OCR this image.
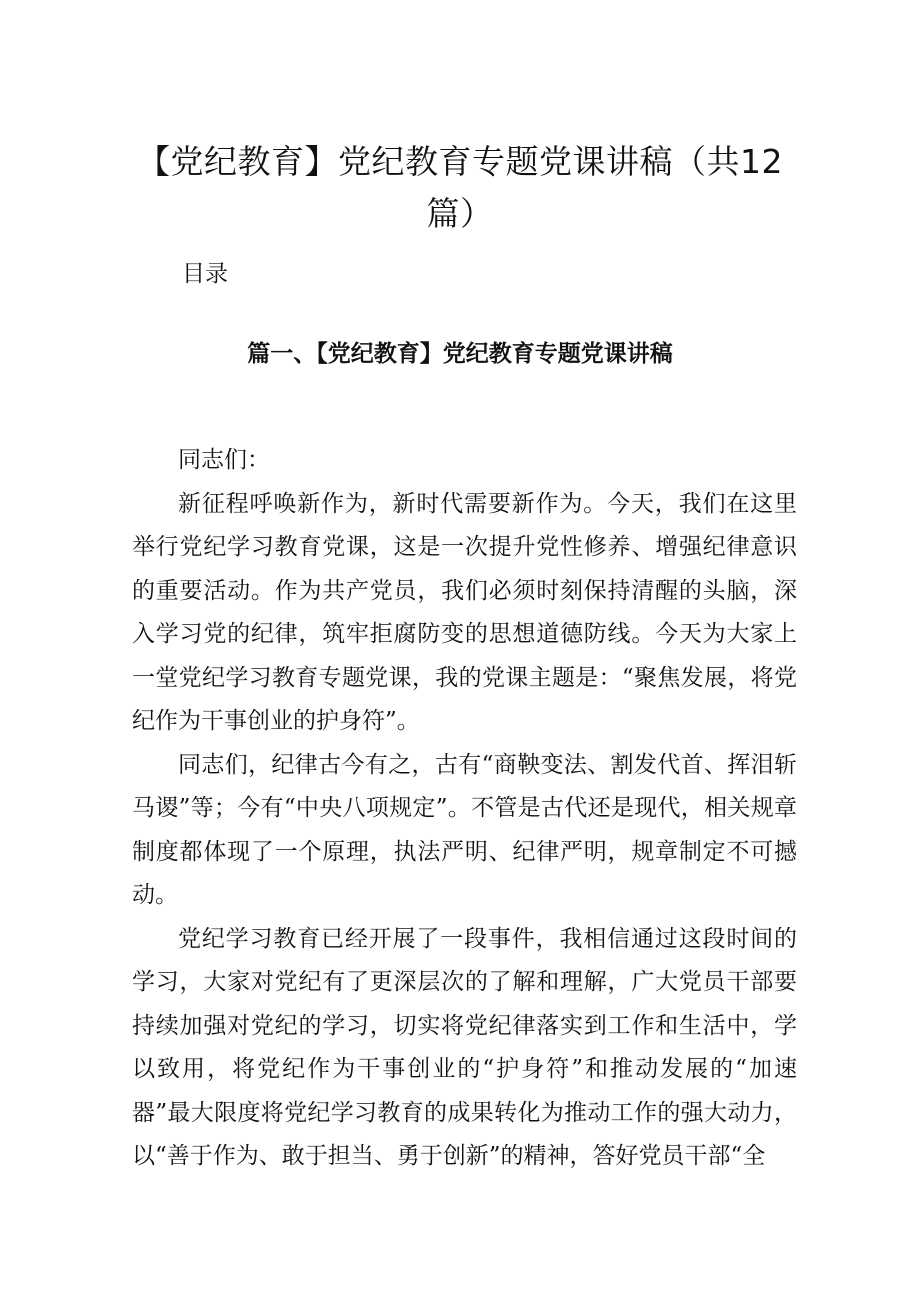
【党纪教育】党纪教育专题党课讲稿（共12篇）
目录
篇一、【党纪教育】党纪教育专题党课讲稿

同志们：

新征程呼唤新作为，新时代需要新作为。今天，我们在这里举行党纪学习教育党课，这是一次提升党性修养、增强纪律意识的重要活动。作为共产党员，我们必须时刻保持清醒的头脑，深入学习党的纪律，筑牢拒腐防变的思想道德防线。今天为大家上一堂党纪学习教育专题党课，我的党课主题是：“聚焦发展，将党纪作为干事创业的护身符”。

同志们，纪律古今有之，古有“商鞅变法、割发代首、挥泪斩马谡”等；今有“中央八项规定”。不管是古代还是现代，相关规章制度都体现了一个原理，执法严明、纪律严明，规章制定不可撼动。

党纪学习教育已经开展了一段事件，我相信通过这段时间的学习，大家对党纪有了更深层次的了解和理解，广大党员干部要持续加强对党纪的学习，切实将党纪律落实到工作和生活中，学以致用，将党纪作为干事创业的“护身符”和推动发展的“加速器”最大限度将党纪学习教育的成果转化为推动工作的强大动力，以“善于作为、敢于担当、勇于创新”的精神，答好党员干部“全
